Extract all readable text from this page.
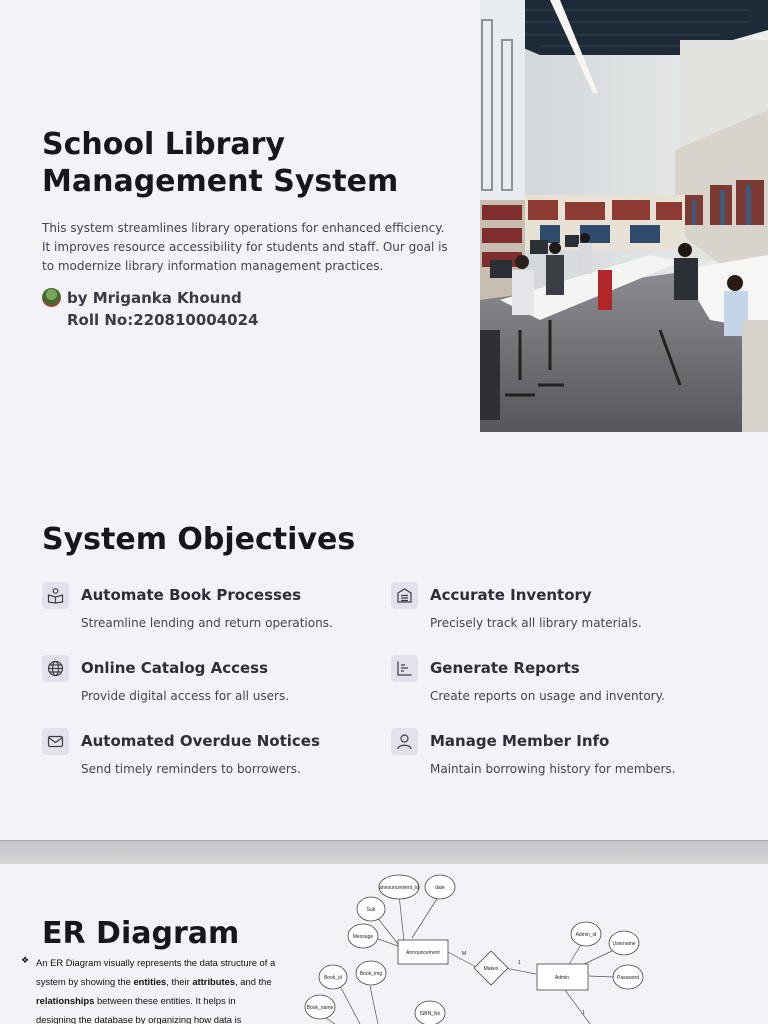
School Library Management System

This system streamlines library operations for enhanced efficiency. It improves resource accessibility for students and staff. Our goal is to modernize library information management practices.

by Mriganka Khound
Roll No:220810004024
System Objectives
Automate Book Processes
Streamline lending and return operations.
Accurate Inventory
Precisely track all library materials.
Online Catalog Access
Provide digital access for all users.
Generate Reports
Create reports on usage and inventory.
Automated Overdue Notices
Send timely reminders to borrowers.
Manage Member Info
Maintain borrowing history for members.
ER Diagram
❖ An ER Diagram visually represents the data structure of a system by showing the entities, their attributes, and the relationships between these entities. It helps in designing the database by organizing how data is

announcement_id	date
Sub
Message
Book_id
Book_img
Book_name
ISBN_No
Admin_id
Username
Password
Announcement
Admin
Makes
M
1
1
